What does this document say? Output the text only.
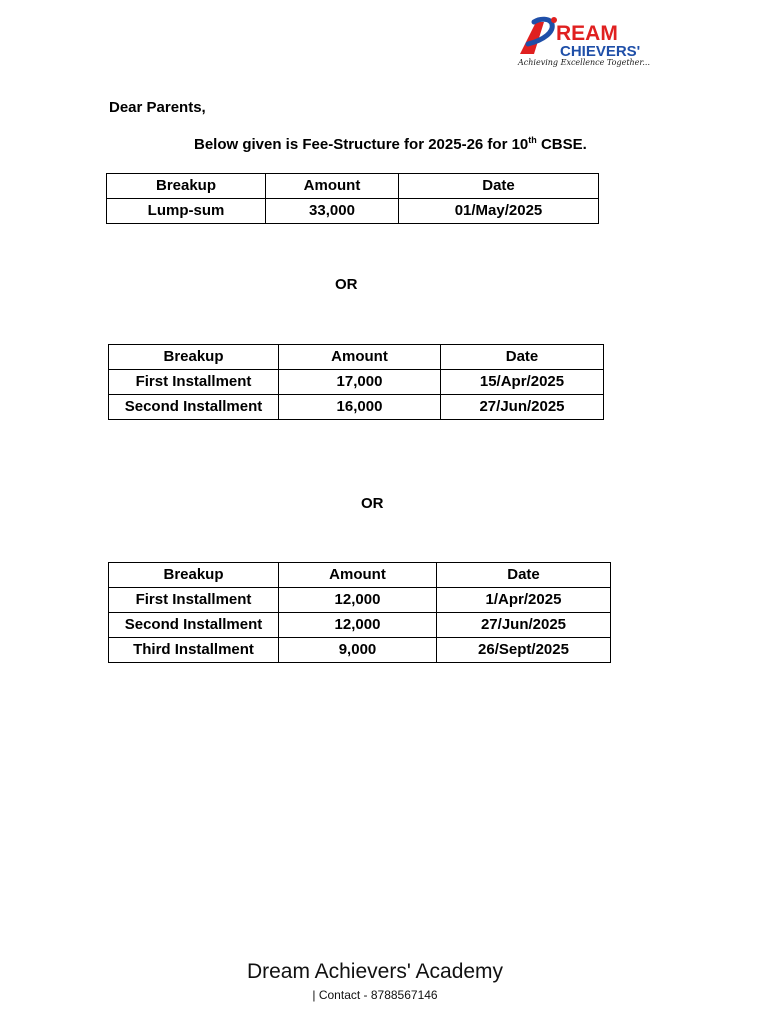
REAM
CHIEVERS'
Achieving Excellence Together...
Dear Parents,
Below given is Fee-Structure for 2025-26 for 10th CBSE.
Breakup	Amount	Date
Lump-sum	33,000	01/May/2025
OR
Breakup	Amount	Date
First Installment	17,000	15/Apr/2025
Second Installment	16,000	27/Jun/2025
OR
Breakup	Amount	Date
First Installment	12,000	1/Apr/2025
Second Installment	12,000	27/Jun/2025
Third Installment	9,000	26/Sept/2025
Dream Achievers' Academy
| Contact - 8788567146
